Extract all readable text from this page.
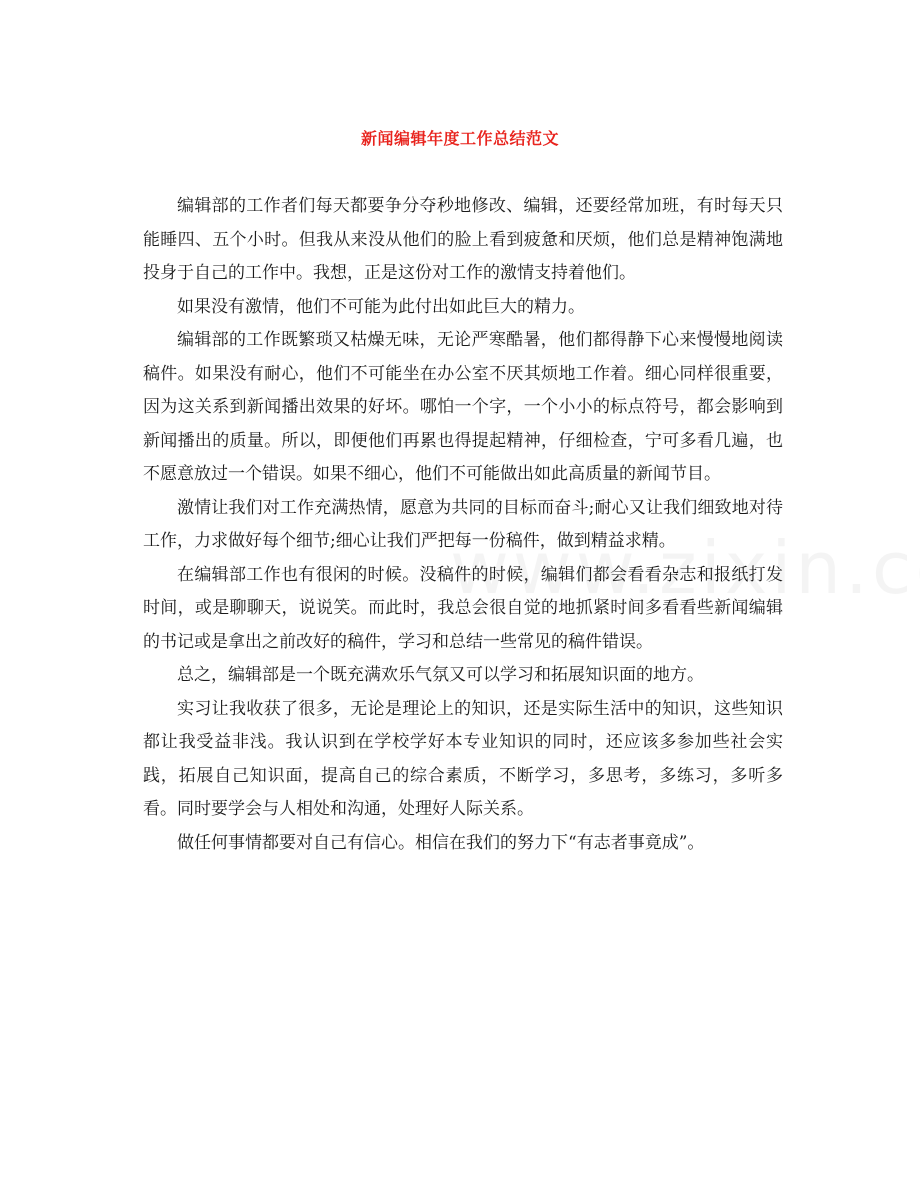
新闻编辑年度工作总结范文

编辑部的工作者们每天都要争分夺秒地修改、编辑，还要经常加班，有时每天只能睡四、五个小时。但我从来没从他们的脸上看到疲惫和厌烦，他们总是精神饱满地投身于自己的工作中。我想，正是这份对工作的激情支持着他们。

如果没有激情，他们不可能为此付出如此巨大的精力。

编辑部的工作既繁琐又枯燥无味，无论严寒酷暑，他们都得静下心来慢慢地阅读稿件。如果没有耐心，他们不可能坐在办公室不厌其烦地工作着。细心同样很重要，因为这关系到新闻播出效果的好坏。哪怕一个字，一个小小的标点符号，都会影响到新闻播出的质量。所以，即便他们再累也得提起精神，仔细检查，宁可多看几遍，也不愿意放过一个错误。如果不细心，他们不可能做出如此高质量的新闻节目。

激情让我们对工作充满热情，愿意为共同的目标而奋斗;耐心又让我们细致地对待工作，力求做好每个细节;细心让我们严把每一份稿件，做到精益求精。

在编辑部工作也有很闲的时候。没稿件的时候，编辑们都会看看杂志和报纸打发时间，或是聊聊天，说说笑。而此时，我总会很自觉的地抓紧时间多看看些新闻编辑的书记或是拿出之前改好的稿件，学习和总结一些常见的稿件错误。

总之，编辑部是一个既充满欢乐气氛又可以学习和拓展知识面的地方。

实习让我收获了很多，无论是理论上的知识，还是实际生活中的知识，这些知识都让我受益非浅。我认识到在学校学好本专业知识的同时，还应该多参加些社会实践，拓展自己知识面，提高自己的综合素质，不断学习，多思考，多练习，多听多看。同时要学会与人相处和沟通，处理好人际关系。

做任何事情都要对自己有信心。相信在我们的努力下“有志者事竟成”。
